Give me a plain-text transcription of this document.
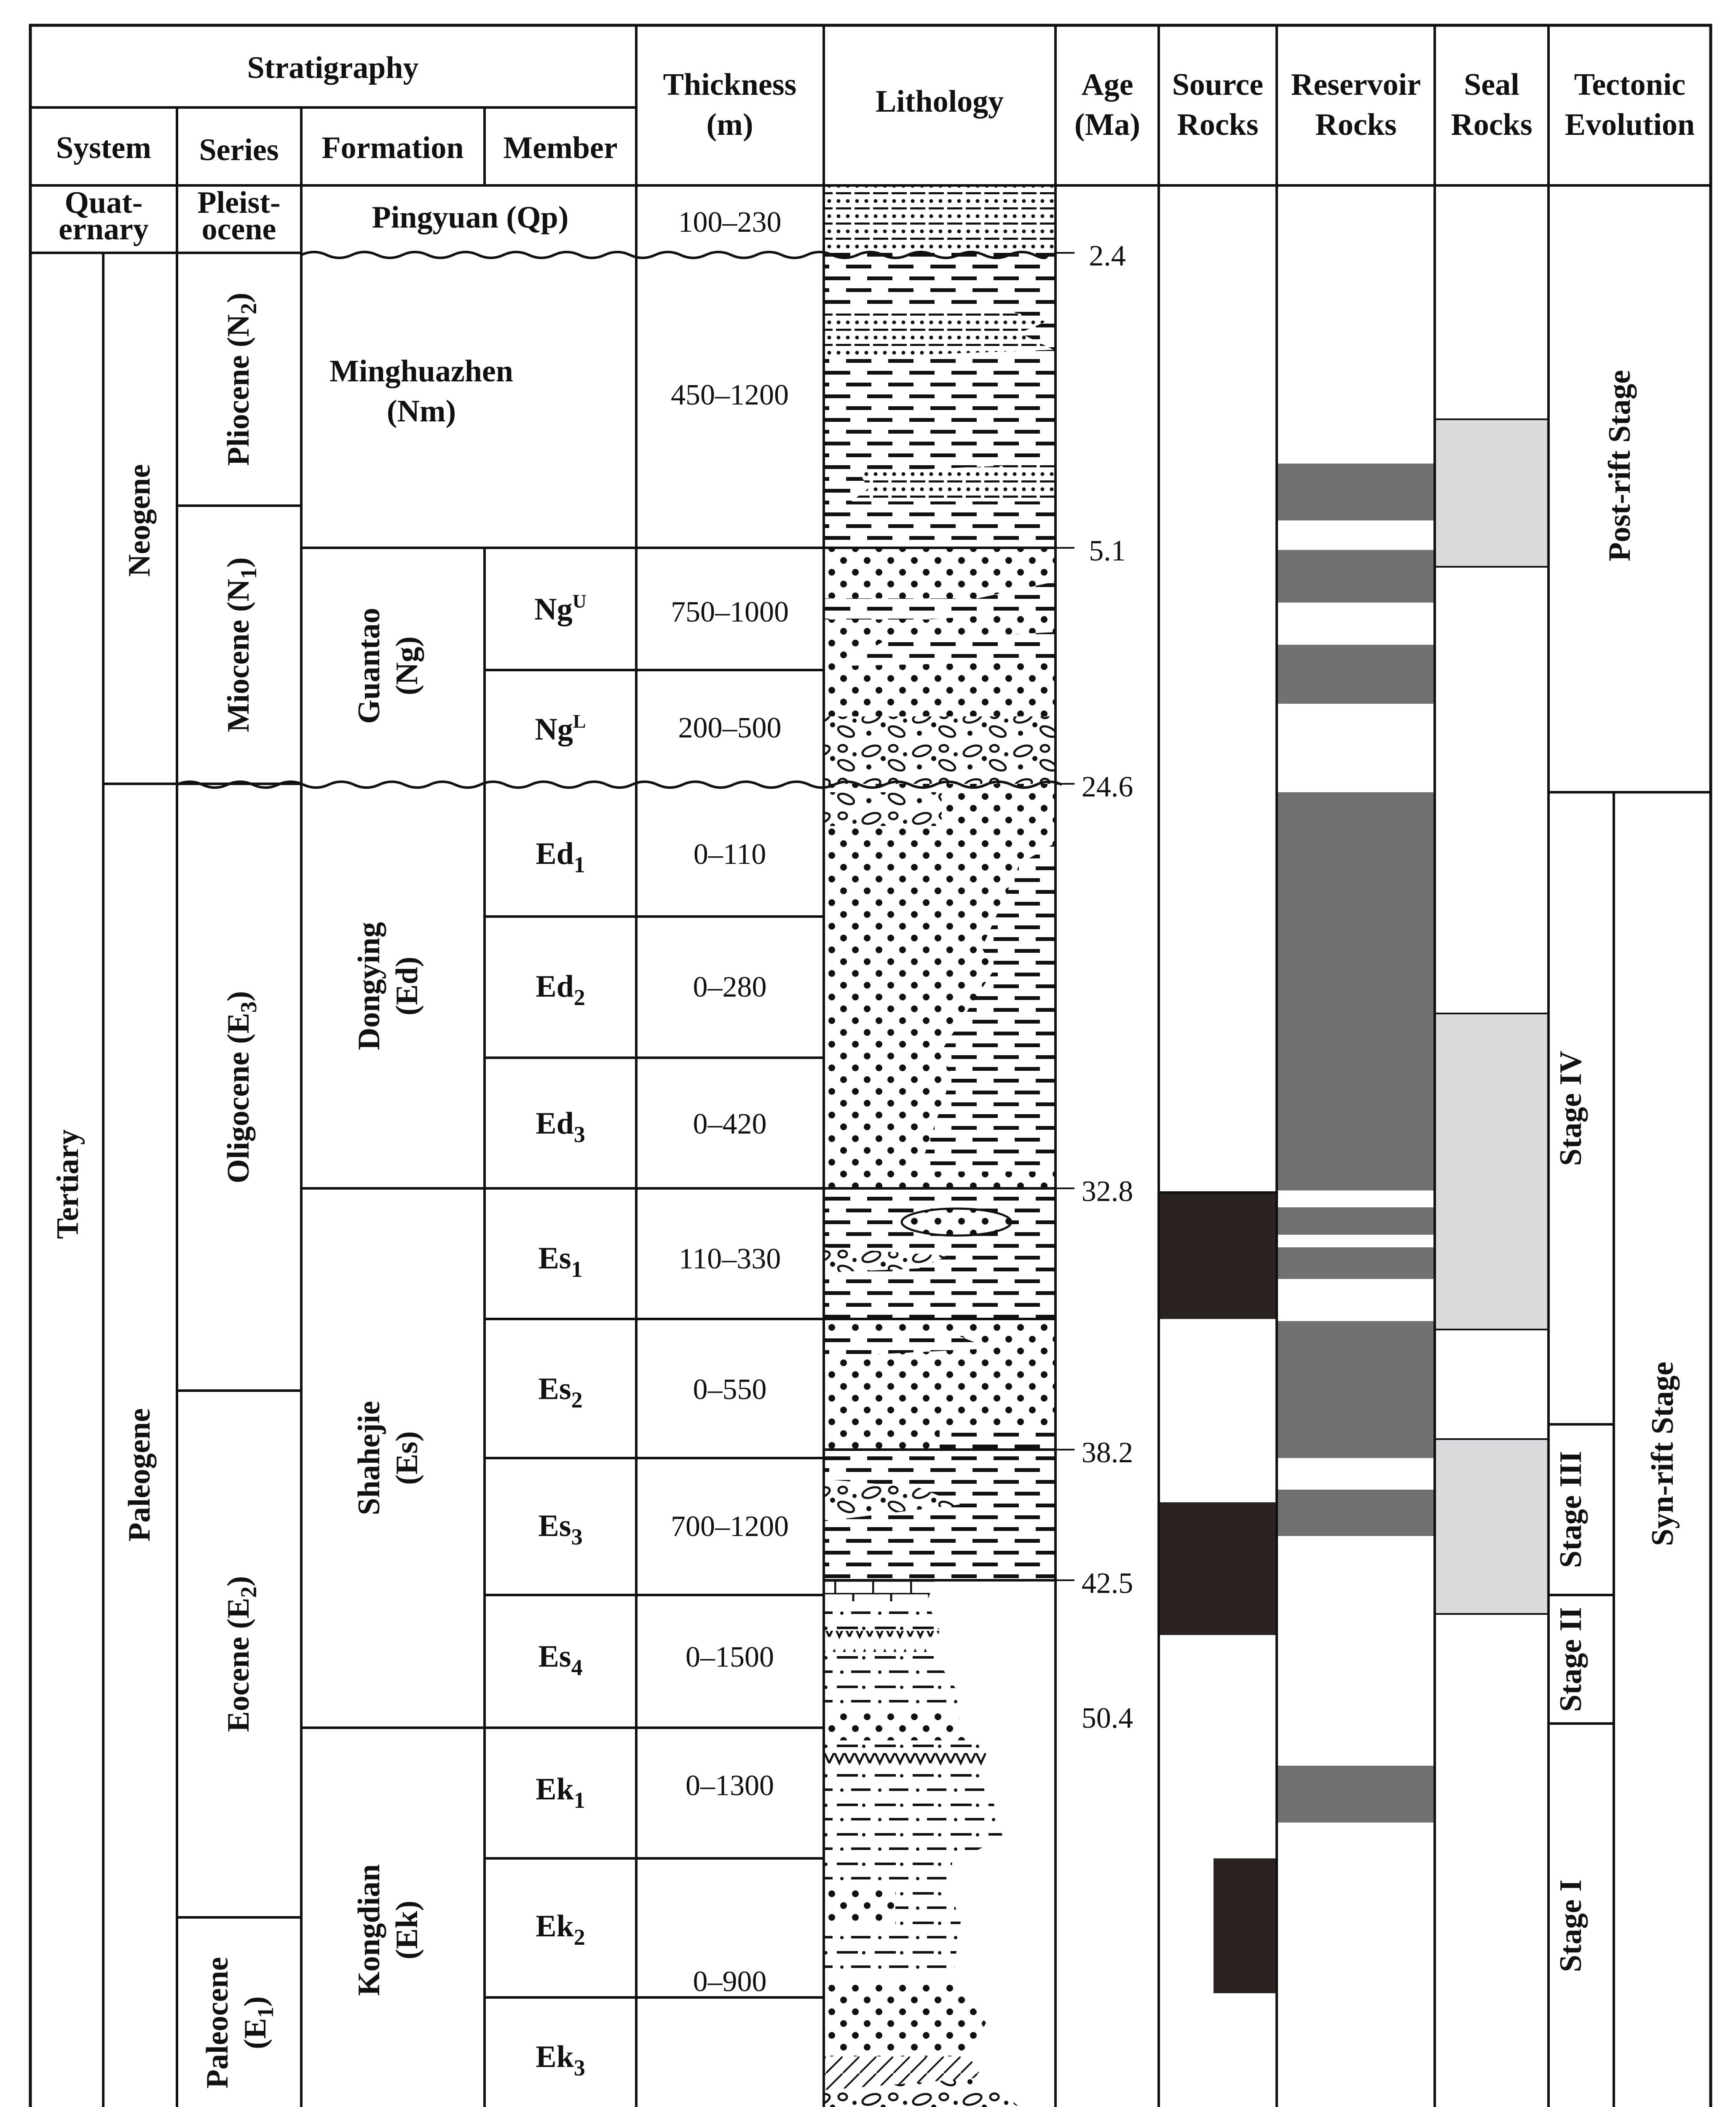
Stratigraphy
System Series Formation Member
Thickness
(m)
Lithology Age
(Ma)
Source
Rocks
Reservoir
Rocks
Seal
Rocks
Tectonic
Evolution
Quat-
ernary
Pleist-
ocene	Pingyuan (Qp)
Tertiary
Neogene
Paleogene
Pliocene $(N_2)$
Miocene $(N_1)$
Oligocene $(E_3)$
Eocene $(E_2)$
Paleocene $(E_1)$
Minghuazhen
(Nm)
Guantao (Ng)
Dongying (Ed)
Shahejie (Es)
Kongdian (Ek)
$Ng^U$
$Ng^L$
$Ed_1$
$Ed_2$
$Ed_3$
$Es_1$
$Es_2$
$Es_3$
$Es_4$
$Ek_1$
$Ek_2$
$Ek_3$
100–230
450–1200
750–1000
200–500
0–110
0–280
0–420
110–330
0–550
700–1200
0–1500
0–1300
0–900
2.4
5.1
24.6
32.8
38.2
42.5
50.4
Post-rift Stage
Syn-rift Stage
Stage IV
Stage III
Stage II
Stage I
